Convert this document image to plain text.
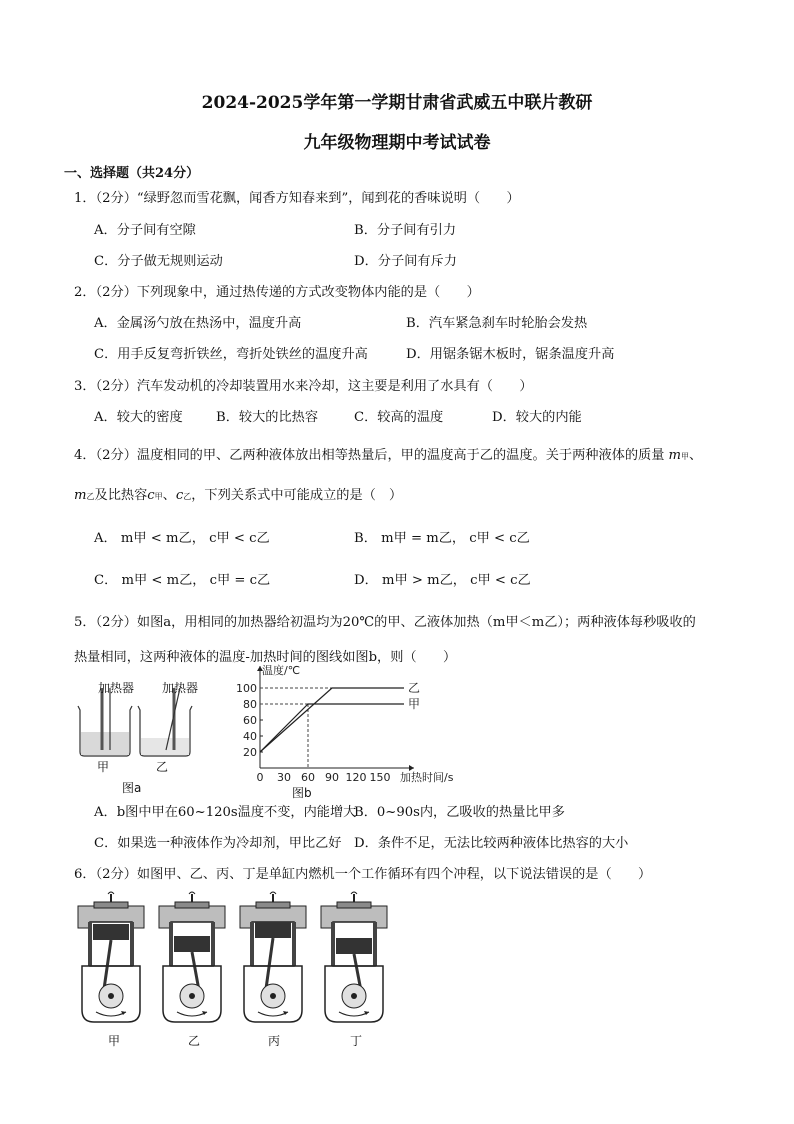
2024-2025学年第一学期甘肃省武威五中联片教研
九年级物理期中考试试卷
一、选择题（共24分）
1．（2分）“绿野忽而雪花飘，闻香方知春来到”，闻到花的香味说明（　　）
A．分子间有空隙	B．分子间有引力
C．分子做无规则运动	D．分子间有斥力
2．（2分）下列现象中，通过热传递的方式改变物体内能的是（　　）
A．金属汤勺放在热汤中，温度升高	B．汽车紧急刹车时轮胎会发热
C．用手反复弯折铁丝，弯折处铁丝的温度升高	D．用锯条锯木板时，锯条温度升高
3．（2分）汽车发动机的冷却装置用水来冷却，这主要是利用了水具有（　　）
A．较大的密度	B．较大的比热容	C．较高的温度	D．较大的内能
4．（2分）温度相同的甲、乙两种液体放出相等热量后，甲的温度高于乙的温度。关于两种液体的质量 m甲、
m乙及比热容c甲、c乙，下列关系式中可能成立的是（　）
A． m甲 < m乙， c甲 < c乙	B． m甲 = m乙， c甲 < c乙
C． m甲 < m乙， c甲 = c乙	D． m甲 > m乙， c甲 < c乙
5．（2分）如图a，用相同的加热器给初温均为20℃的甲、乙液体加热（m甲＜m乙）；两种液体每秒吸收的
热量相同，这两种液体的温度-加热时间的图线如图b，则（　　）
加热器 加热器
甲	乙
图a
温度/℃
加热时间/s
20
40
60
80
100
0 30 60 90 120 150
甲
乙
图b
A．b图中甲在60~120s温度不变，内能增大
B．0~90s内，乙吸收的热量比甲多
C．如果选一种液体作为冷却剂，甲比乙好 D．条件不足，无法比较两种液体比热容的大小
6．（2分）如图甲、乙、丙、丁是单缸内燃机一个工作循环有四个冲程，以下说法错误的是（　　）
甲	乙	丙	丁
